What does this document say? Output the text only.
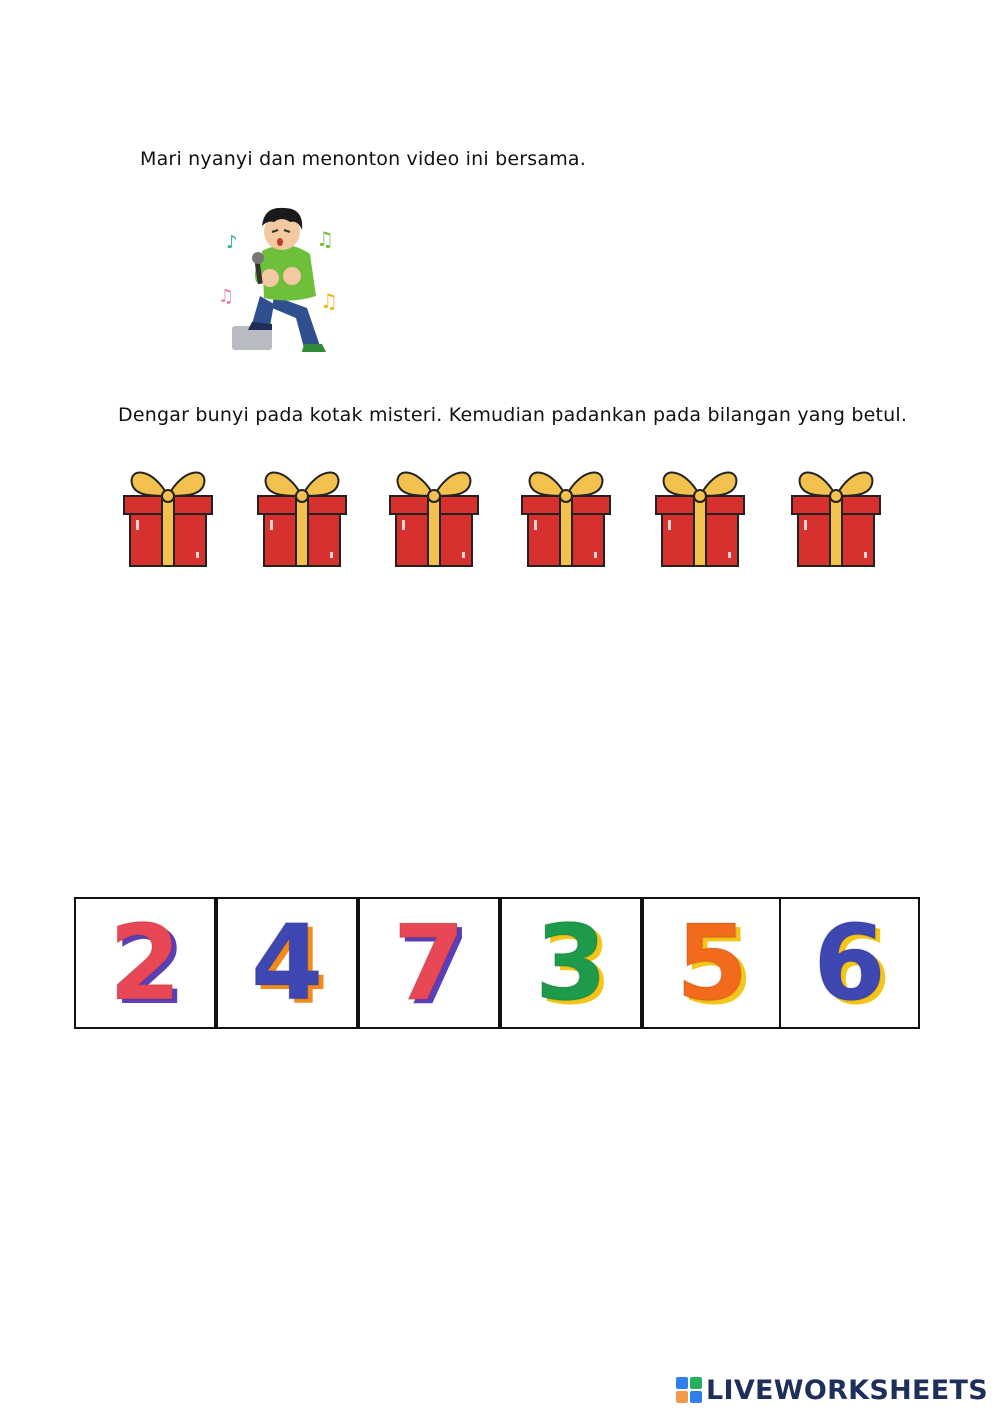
Mari nyanyi dan menonton video ini bersama.
♪	♫
♫	♫
Dengar bunyi pada kotak misteri. Kemudian padankan pada bilangan yang betul.
2 4 7 3 5 6
LIVEWORKSHEETS
